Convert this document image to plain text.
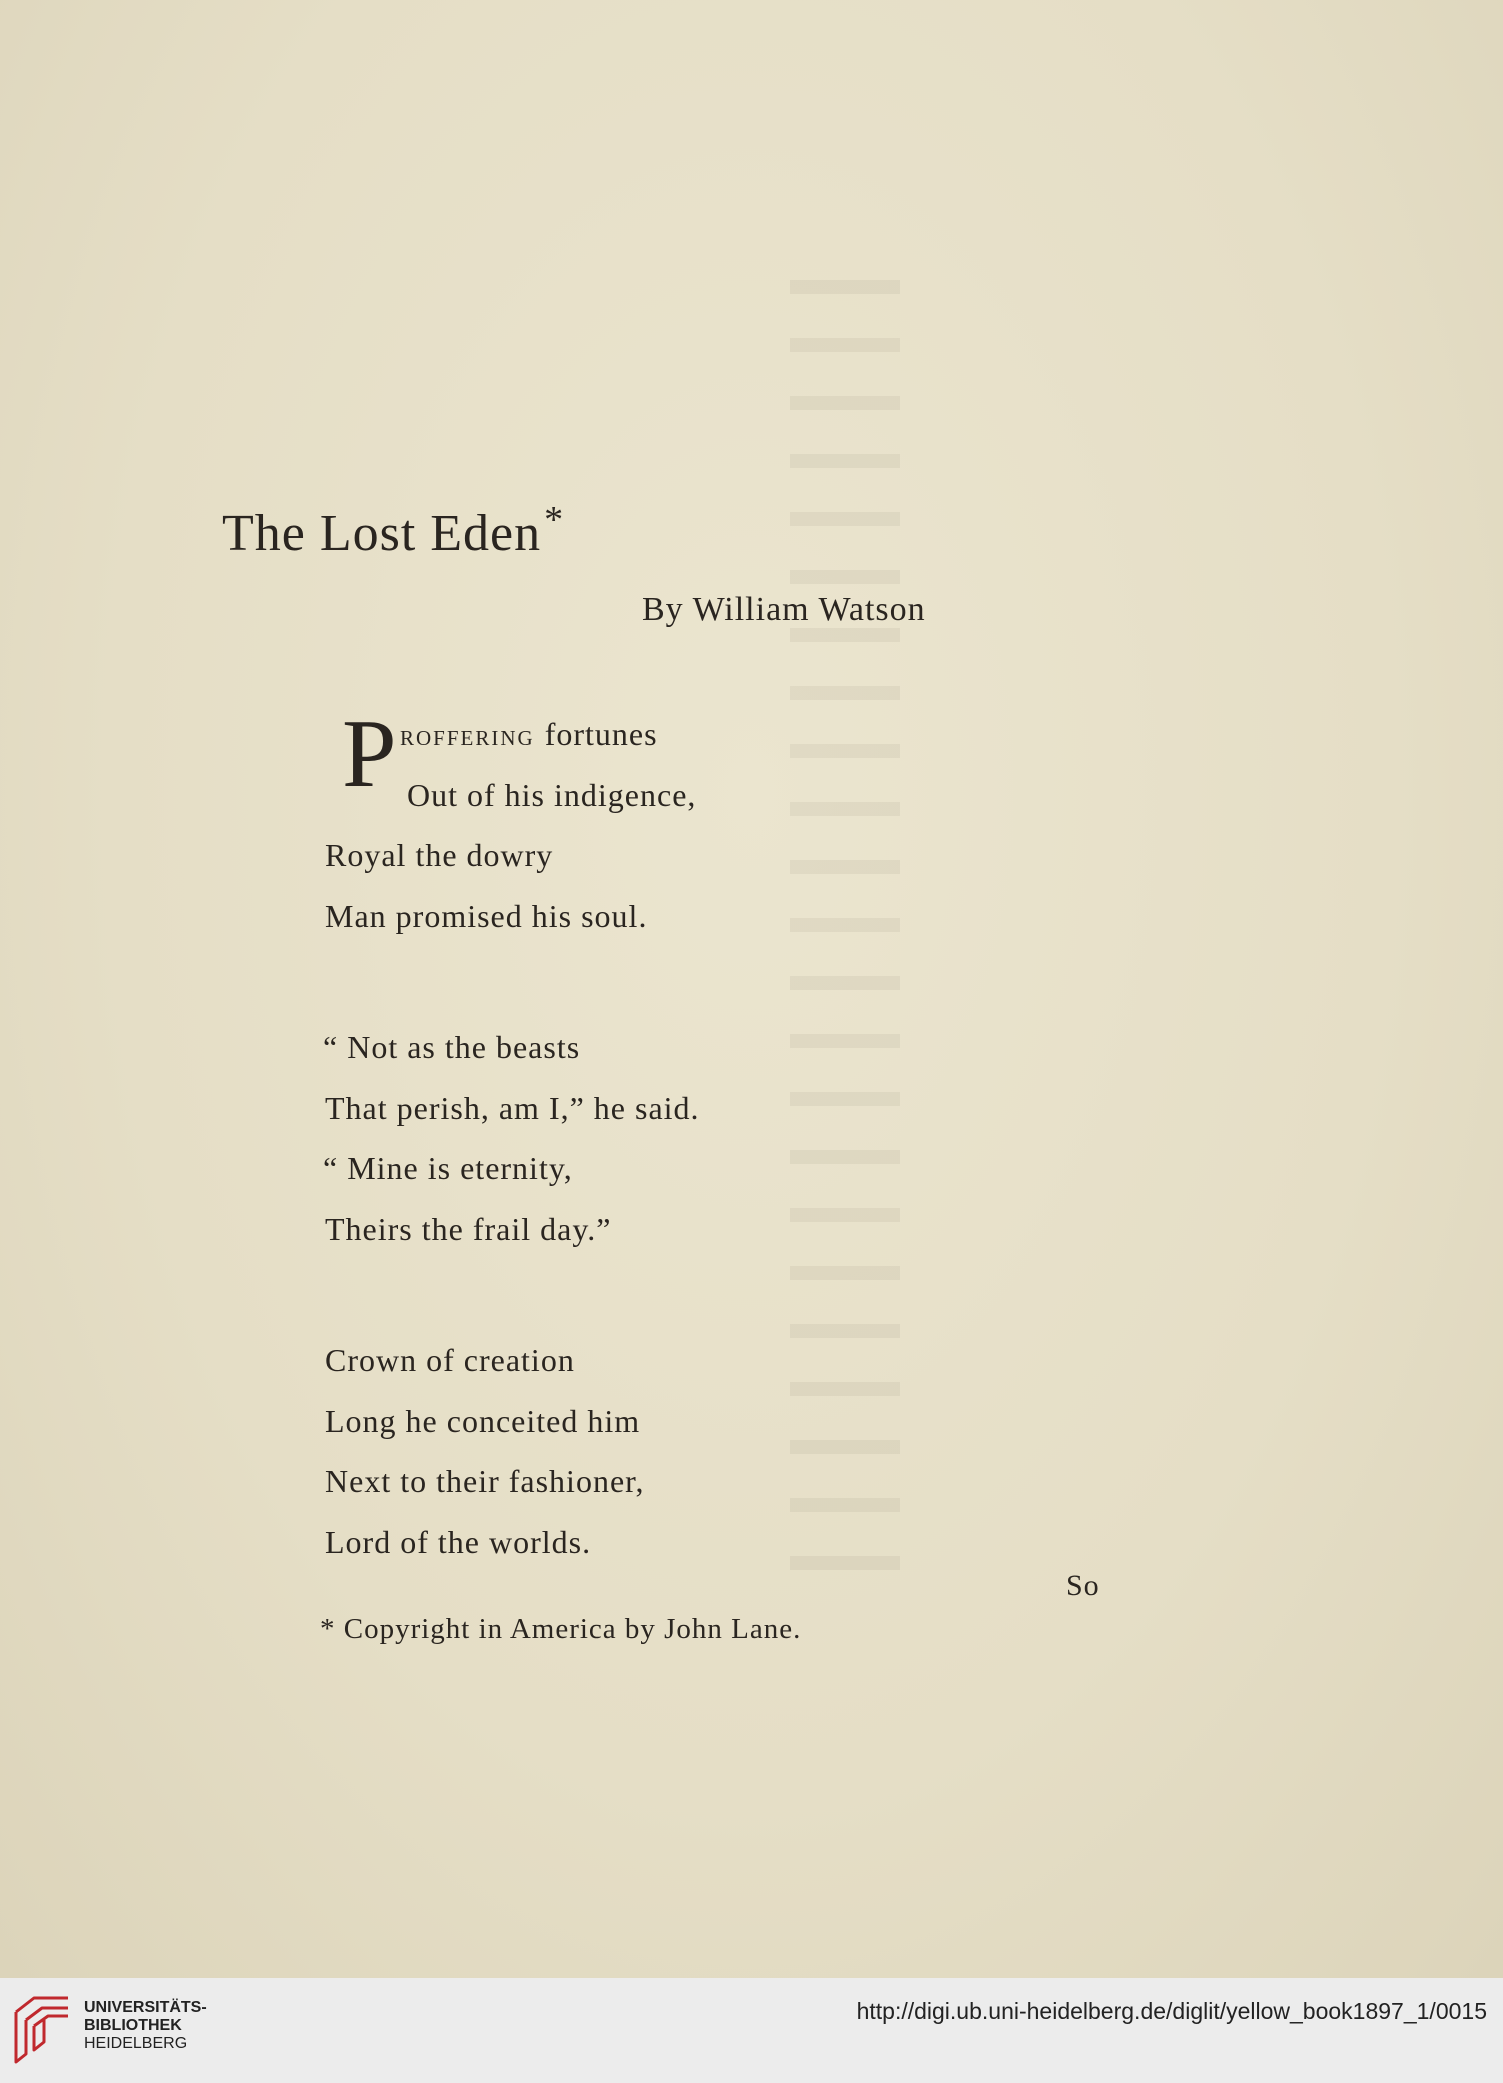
The Lost Eden*
By William Watson
P ROFFERING fortunes
Out of his indigence,
Royal the dowry
Man promised his soul.
“ Not as the beasts
That perish, am I,” he said.
“ Mine is eternity,
Theirs the frail day.”
Crown of creation
Long he conceited him
Next to their fashioner,
Lord of the worlds.
So
* Copyright in America by John Lane.
UNIVERSITÄTS-
BIBLIOTHEK
HEIDELBERG
http://digi.ub.uni-heidelberg.de/diglit/yellow_book1897_1/0015
